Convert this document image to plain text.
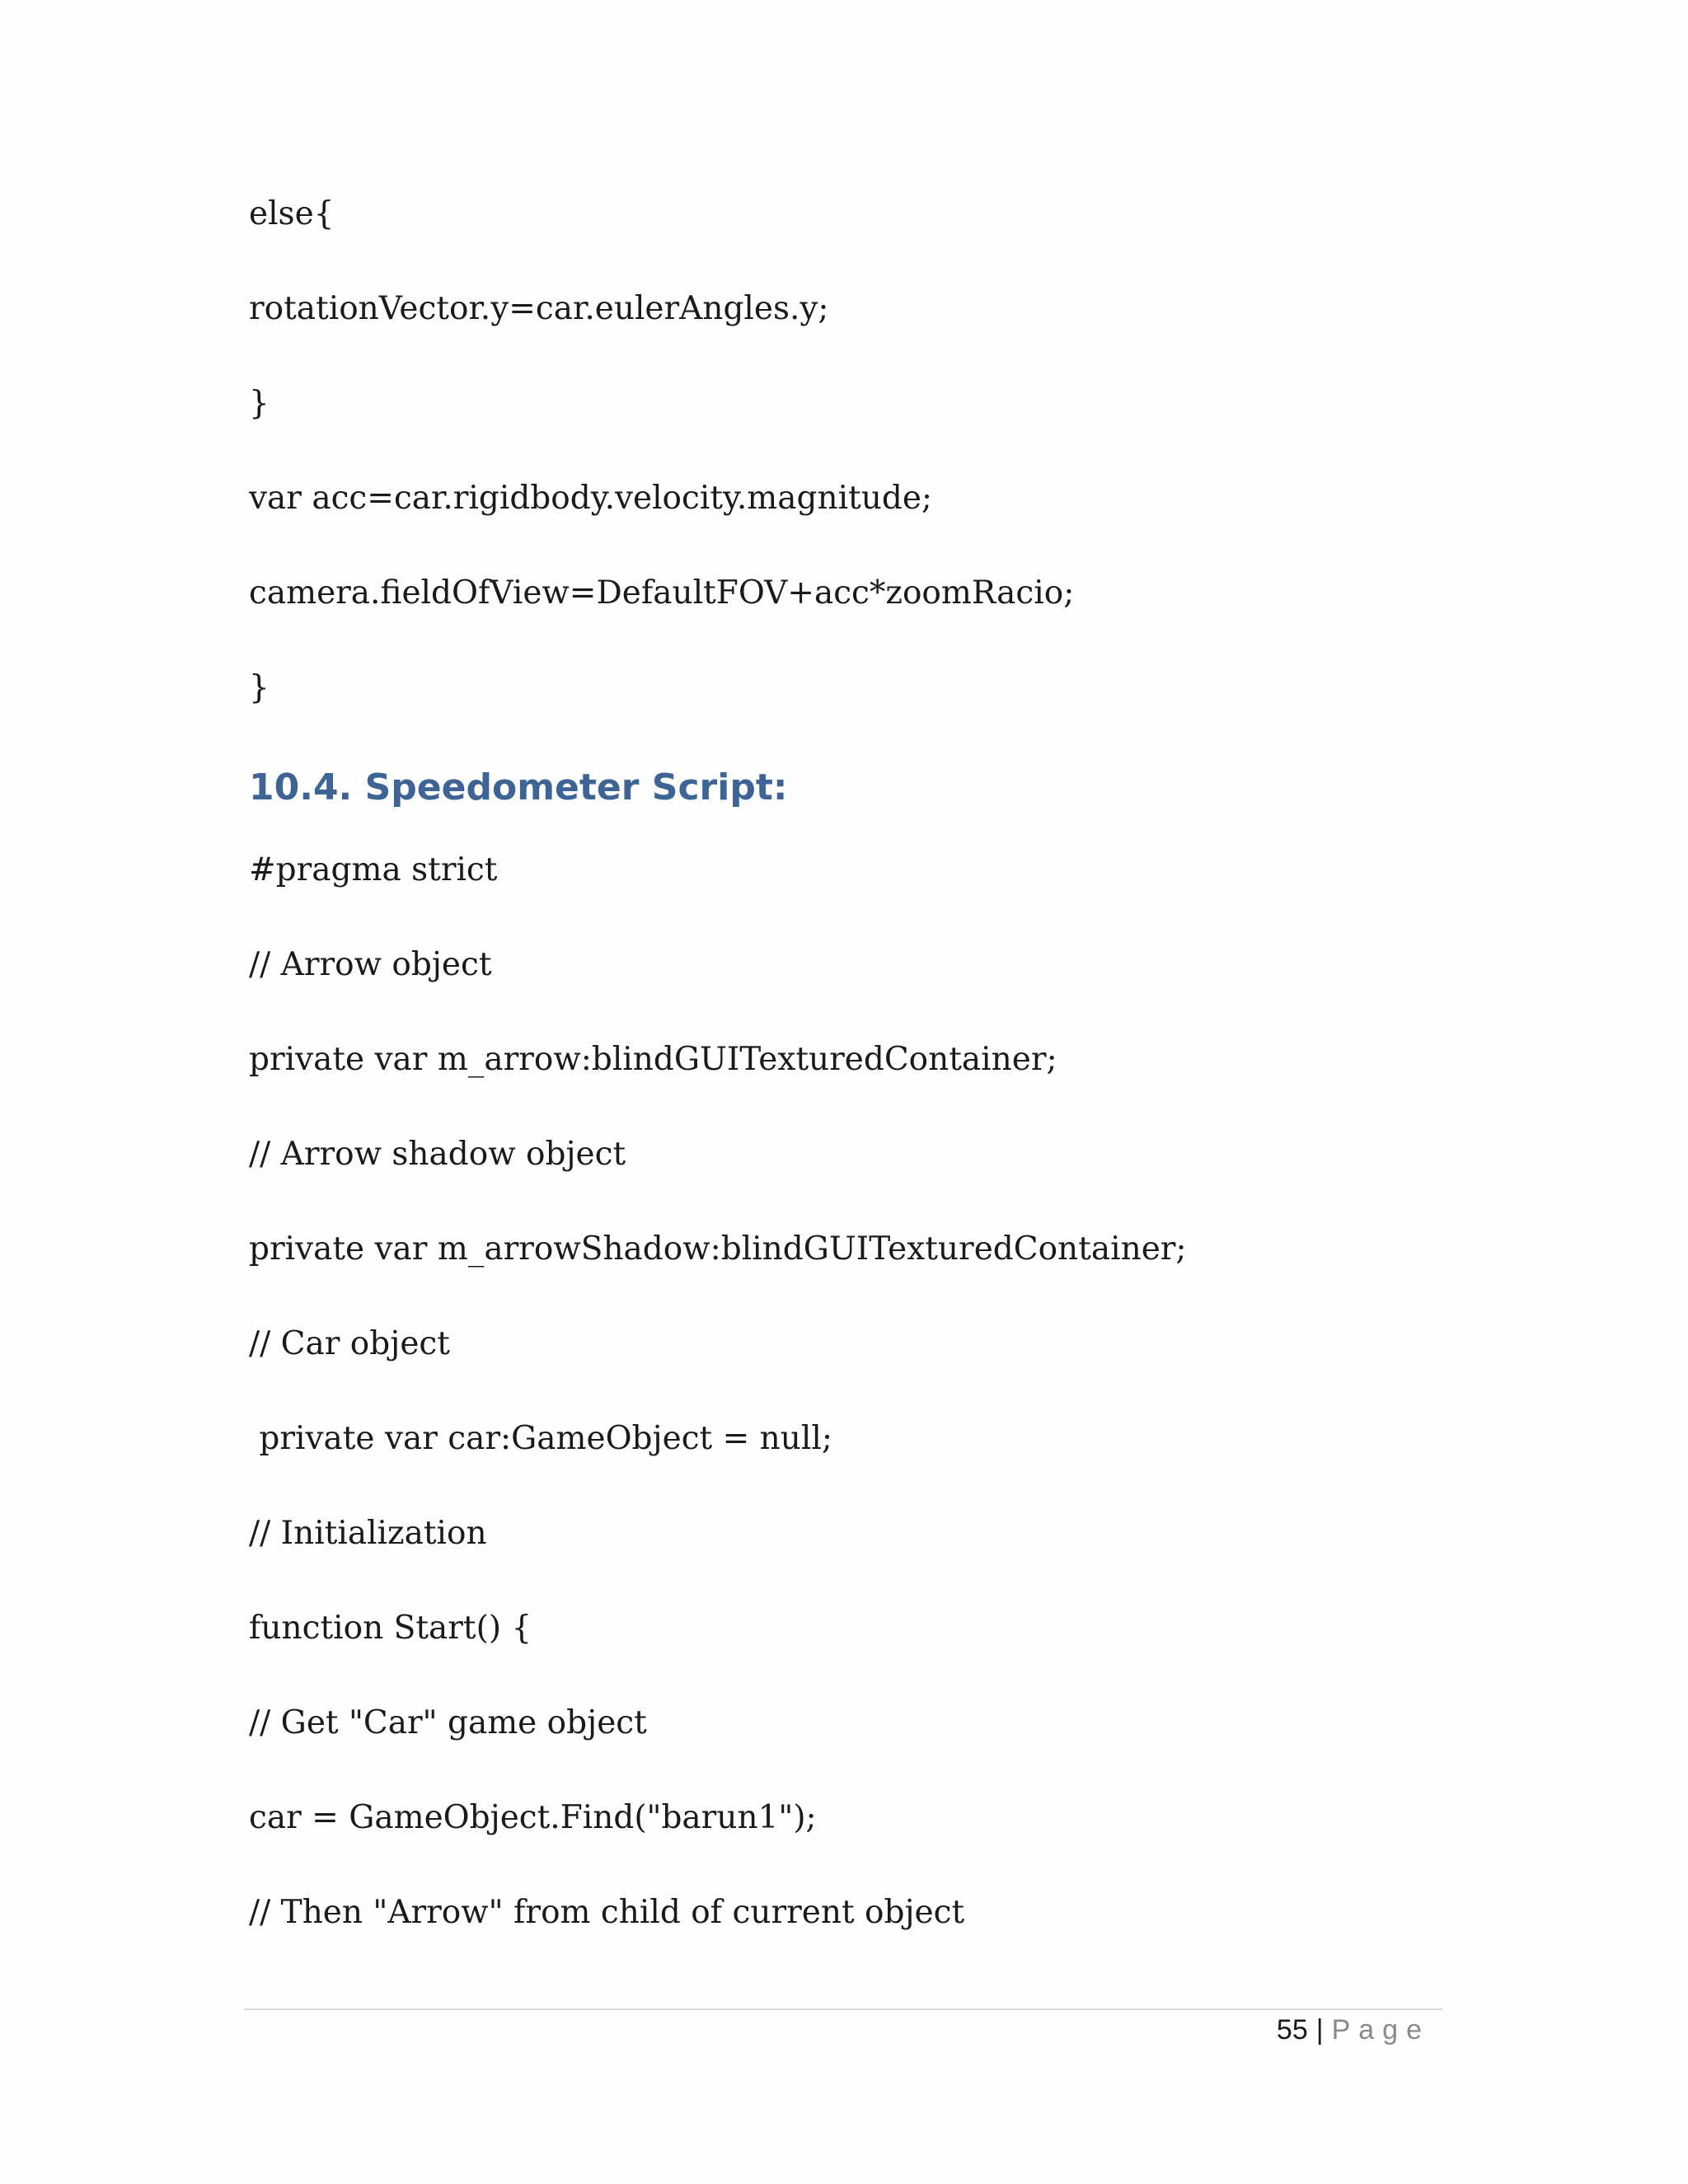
else{
rotationVector.y=car.eulerAngles.y;
}
var acc=car.rigidbody.velocity.magnitude;
camera.fieldOfView=DefaultFOV+acc*zoomRacio;
}
10.4. Speedometer Script:
#pragma strict
// Arrow object
private var m_arrow:blindGUITexturedContainer;
// Arrow shadow object
private var m_arrowShadow:blindGUITexturedContainer;
// Car object
private var car:GameObject = null;
// Initialization
function Start() {
// Get "Car" game object
car = GameObject.Find("barun1");
// Then "Arrow" from child of current object
55 | Page
